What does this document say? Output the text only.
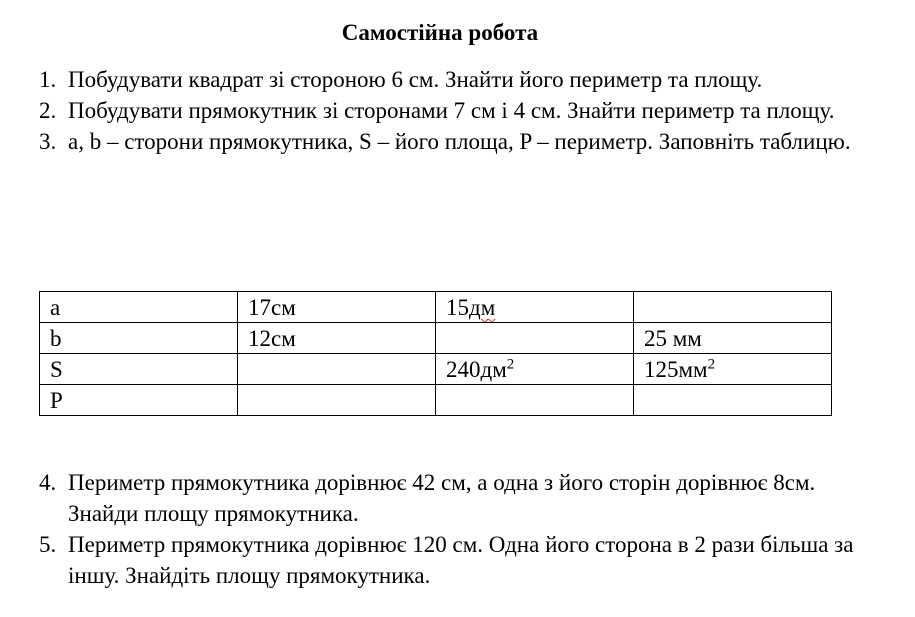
Самостійна робота
1. Побудувати квадрат зі стороною 6 см. Знайти його периметр та площу.
2. Побудувати прямокутник зі сторонами 7 см і 4 см. Знайти периметр та площу.
3. a, b – сторони прямокутника, S – його площа, P – периметр. Заповніть таблицю.
a	17см	15дм	
b	12см		25 мм
S		$240дм^2$	$125мм^2$
P			
4. Периметр прямокутника дорівнює 42 см, а одна з його сторін дорівнює 8см. Знайди площу прямокутника.
5. Периметр прямокутника дорівнює 120 см. Одна його сторона в 2 рази більша за іншу. Знайдіть площу прямокутника.
